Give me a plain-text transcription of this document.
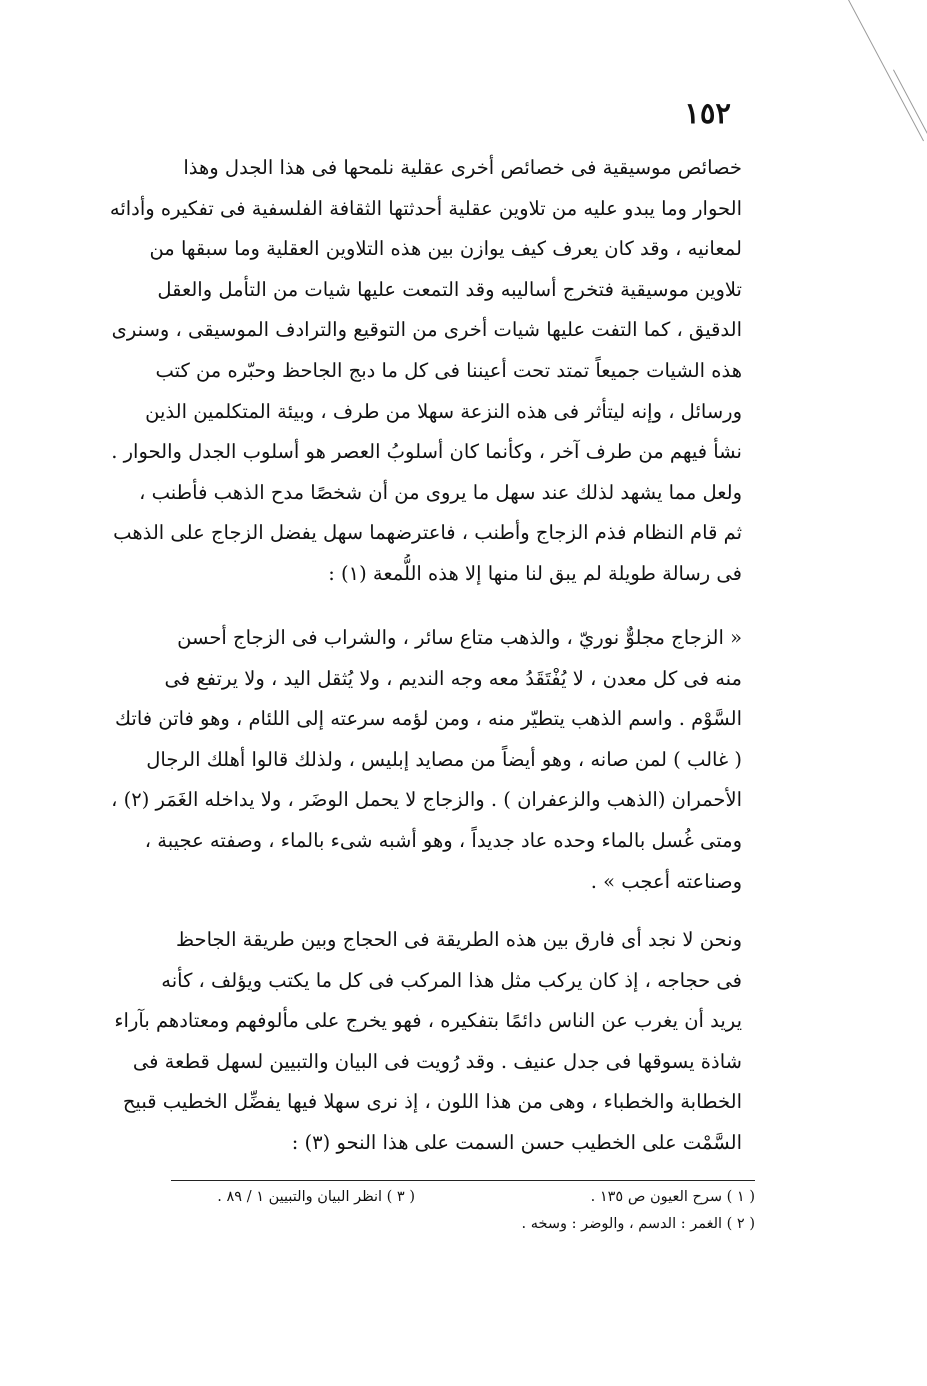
١٥٢

خصائص موسيقية فى خصائص أخرى عقلية نلمحها فى هذا الجدل وهذا
الحوار وما يبدو عليه من تلاوين عقلية أحدثتها الثقافة الفلسفية فى تفكيره وأدائه
لمعانيه ، وقد كان يعرف كيف يوازن بين هذه التلاوين العقلية وما سبقها من
تلاوين موسيقية فتخرج أساليبه وقد التمعت عليها شيات من التأمل والعقل
الدقيق ، كما التفت عليها شيات أخرى من التوقيع والترادف الموسيقى ، وسنرى
هذه الشيات جميعاً تمتد تحت أعيننا فى كل ما دبج الجاحظ وحبّره من كتب
ورسائل ، وإنه ليتأثر فى هذه النزعة سهلا من طرف ، وبيئة المتكلمين الذين
نشأ فيهم من طرف آخر ، وكأنما كان أسلوبُ العصر هو أسلوب الجدل والحوار .
ولعل مما يشهد لذلك عند سهل ما يروى من أن شخصًا مدح الذهب فأطنب ،
ثم قام النظام فذم الزجاج وأطنب ، فاعترضهما سهل يفضل الزجاج على الذهب
فى رسالة طويلة لم يبق لنا منها إلا هذه اللُّمعة (١) :

« الزجاج مجلوٌّ نوريّ ، والذهب متاع سائر ، والشراب فى الزجاج أحسن
منه فى كل معدن ، لا يُفْتَقَدُ معه وجه النديم ، ولا يُثقل اليد ، ولا يرتفع فى
السَّوْم . واسم الذهب يتطيّر منه ، ومن لؤمه سرعته إلى اللئام ، وهو فاتن فاتك
( غالب ) لمن صانه ، وهو أيضاً من مصايد إبليس ، ولذلك قالوا أهلك الرجال
الأحمران (الذهب والزعفران ) . والزجاج لا يحمل الوضَر ، ولا يداخله الغَمَر (٢) ،
ومتى غُسل بالماء وحده عاد جديداً ، وهو أشبه شىء بالماء ، وصفته عجيبة ،
وصناعته أعجب » .

ونحن لا نجد أى فارق بين هذه الطريقة فى الحجاج وبين طريقة الجاحظ
فى حجاجه ، إذ كان يركب مثل هذا المركب فى كل ما يكتب ويؤلف ، كأنه
يريد أن يغرب عن الناس دائمًا بتفكيره ، فهو يخرج على مألوفهم ومعتادهم بآراء
شاذة يسوقها فى جدل عنيف . وقد رُويت فى البيان والتبيين لسهل قطعة فى
الخطابة والخطباء ، وهى من هذا اللون ، إذ نرى سهلا فيها يفضِّل الخطيب قبيح
السَّمْت على الخطيب حسن السمت على هذا النحو (٣) :

( ١ ) سرح العيون ص ١٣٥ .
( ٢ ) الغمر : الدسم ، والوضر : وسخه .
( ٣ ) انظر البيان والتبيين ١ / ٨٩ .
